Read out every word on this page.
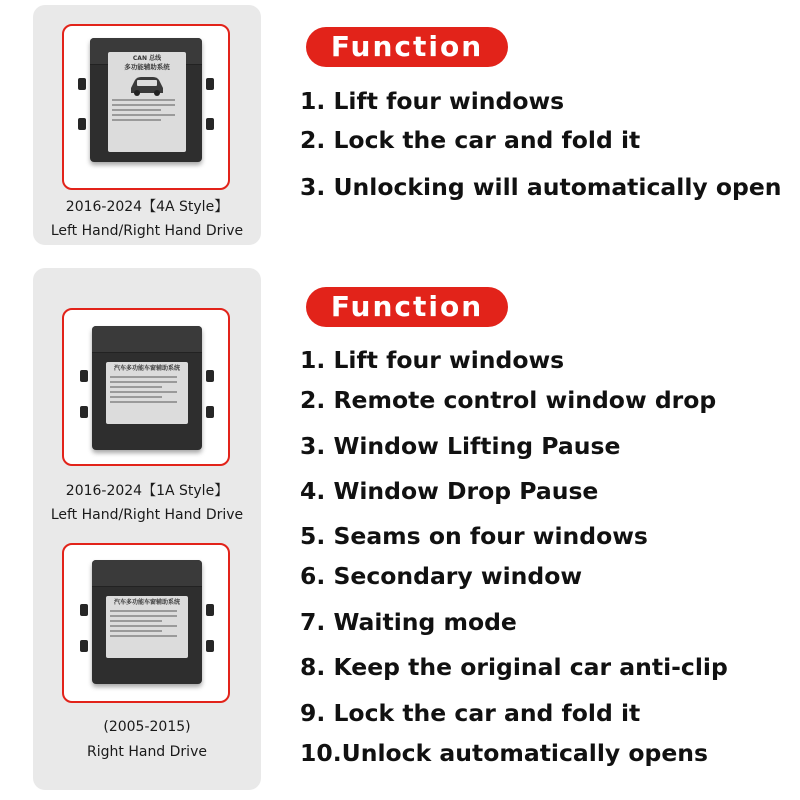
CAN 总线
多功能辅助系统
2016-2024【4A Style】
Left Hand/Right Hand Drive
Function
1. Lift four windows
2. Lock the car and fold it
3. Unlocking will automatically open
汽车多功能车窗辅助系统
2016-2024【1A Style】
Left Hand/Right Hand Drive
汽车多功能车窗辅助系统
(2005-2015)
Right Hand Drive
Function
1. Lift four windows
2. Remote control window drop
3. Window Lifting Pause
4. Window Drop Pause
5. Seams on four windows
6. Secondary window
7. Waiting mode
8. Keep the original car anti-clip
9. Lock the car and fold it
10.Unlock automatically opens
